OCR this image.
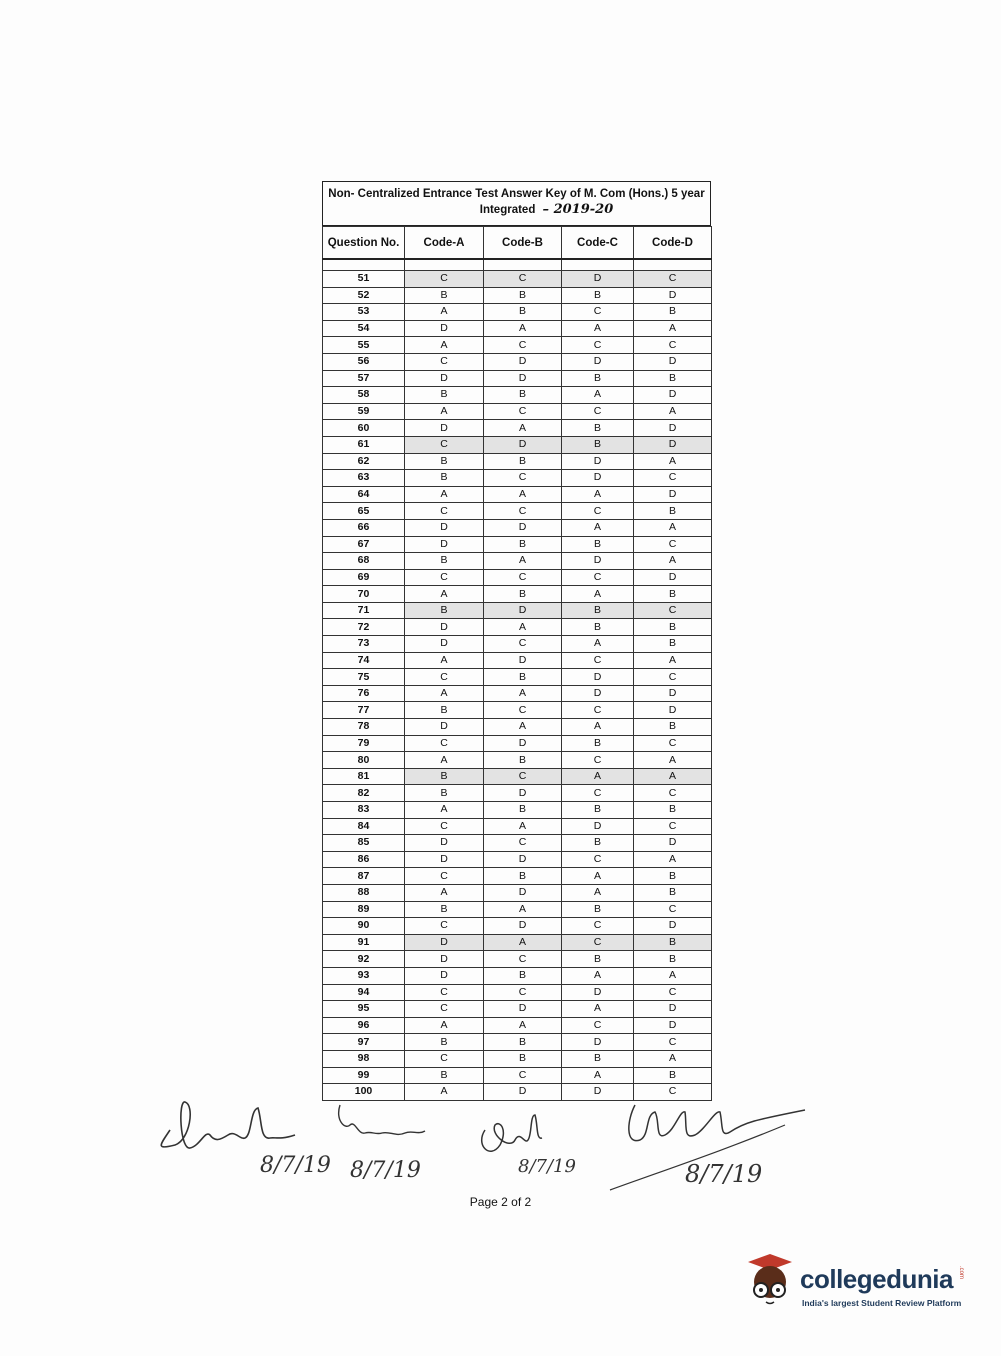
Non- Centralized Entrance Test Answer Key of M. Com (Hons.) 5 year
Integrated – 2019-20
Question No.	Code-A	Code-B	Code-C	Code-D

51	C	C	D	C
52	B	B	B	D
53	A	B	C	B
54	D	A	A	A
55	A	C	C	C
56	C	D	D	D
57	D	D	B	B
58	B	B	A	D
59	A	C	C	A
60	D	A	B	D
61	C	D	B	D
62	B	B	D	A
63	B	C	D	C
64	A	A	A	D
65	C	C	C	B
66	D	D	A	A
67	D	B	B	C
68	B	A	D	A
69	C	C	C	D
70	A	B	A	B
71	B	D	B	C
72	D	A	B	B
73	D	C	A	B
74	A	D	C	A
75	C	B	D	C
76	A	A	D	D
77	B	C	C	D
78	D	A	A	B
79	C	D	B	C
80	A	B	C	A
81	B	C	A	A
82	B	D	C	C
83	A	B	B	B
84	C	A	D	C
85	D	C	B	D
86	D	D	C	A
87	C	B	A	B
88	A	D	A	B
89	B	A	B	C
90	C	D	C	D
91	D	A	C	B
92	D	C	B	B
93	D	B	A	A
94	C	C	D	C
95	C	D	A	D
96	A	A	C	D
97	B	B	D	C
98	C	B	B	A
99	B	C	A	B
100	A	D	D	C
8/7/19 8/7/19	8/7/19	8/7/19
Page 2 of 2
collegedunia .com
India's largest Student Review Platform
